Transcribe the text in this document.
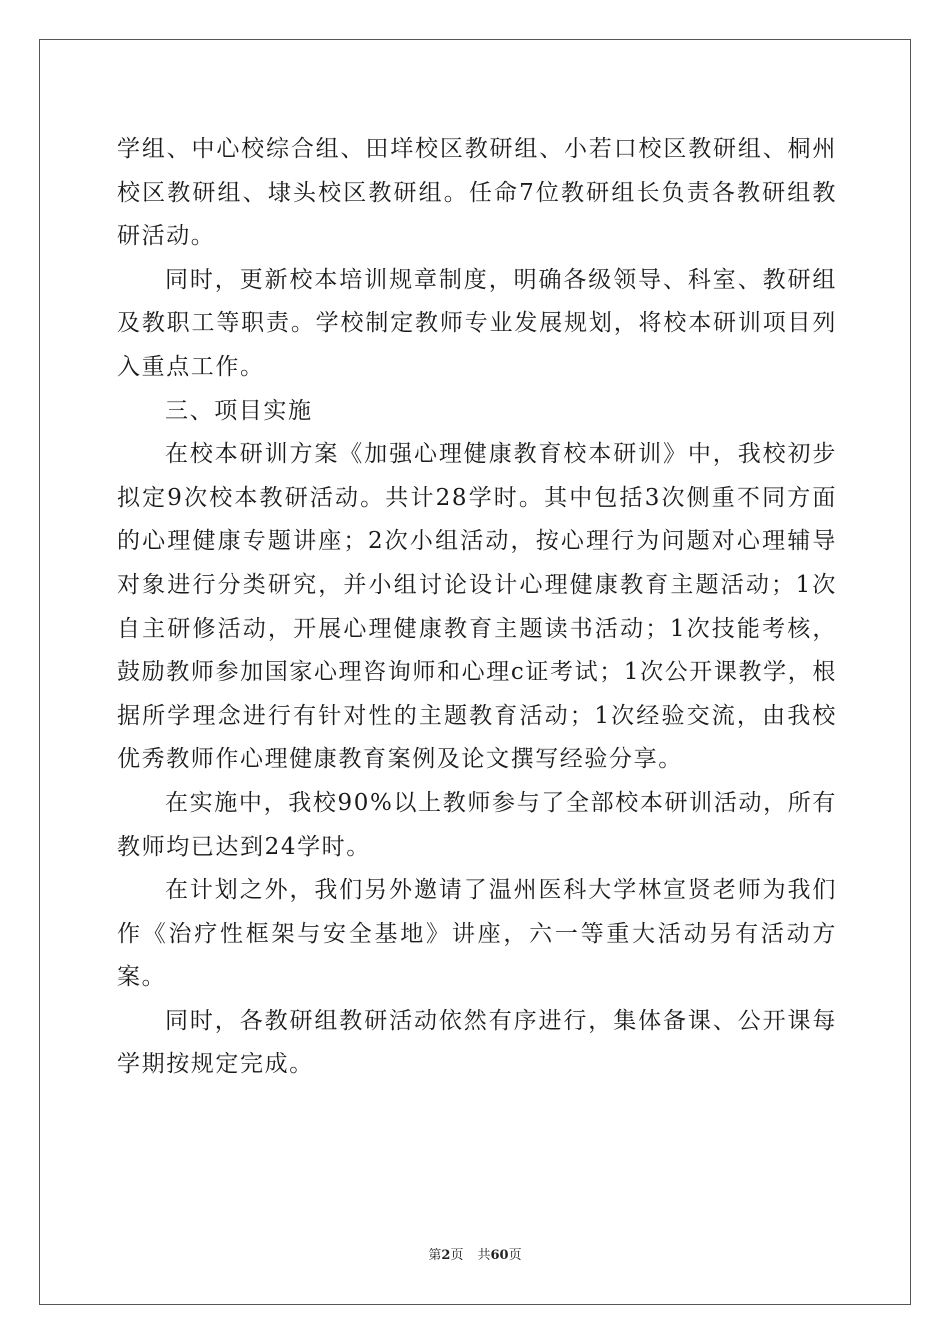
学组、中心校综合组、田垟校区教研组、小若口校区教研组、桐州校区教研组、埭头校区教研组。任命7位教研组长负责各教研组教研活动。

同时，更新校本培训规章制度，明确各级领导、科室、教研组及教职工等职责。学校制定教师专业发展规划，将校本研训项目列入重点工作。

三、项目实施

在校本研训方案《加强心理健康教育校本研训》中，我校初步拟定9次校本教研活动。共计28学时。其中包括3次侧重不同方面的心理健康专题讲座；2次小组活动，按心理行为问题对心理辅导对象进行分类研究，并小组讨论设计心理健康教育主题活动；1次自主研修活动，开展心理健康教育主题读书活动；1次技能考核，鼓励教师参加国家心理咨询师和心理c证考试；1次公开课教学，根据所学理念进行有针对性的主题教育活动；1次经验交流，由我校优秀教师作心理健康教育案例及论文撰写经验分享。

在实施中，我校90%以上教师参与了全部校本研训活动，所有教师均已达到24学时。

在计划之外，我们另外邀请了温州医科大学林宣贤老师为我们作《治疗性框架与安全基地》讲座，六一等重大活动另有活动方案。

同时，各教研组教研活动依然有序进行，集体备课、公开课每学期按规定完成。

第2页 共60页
